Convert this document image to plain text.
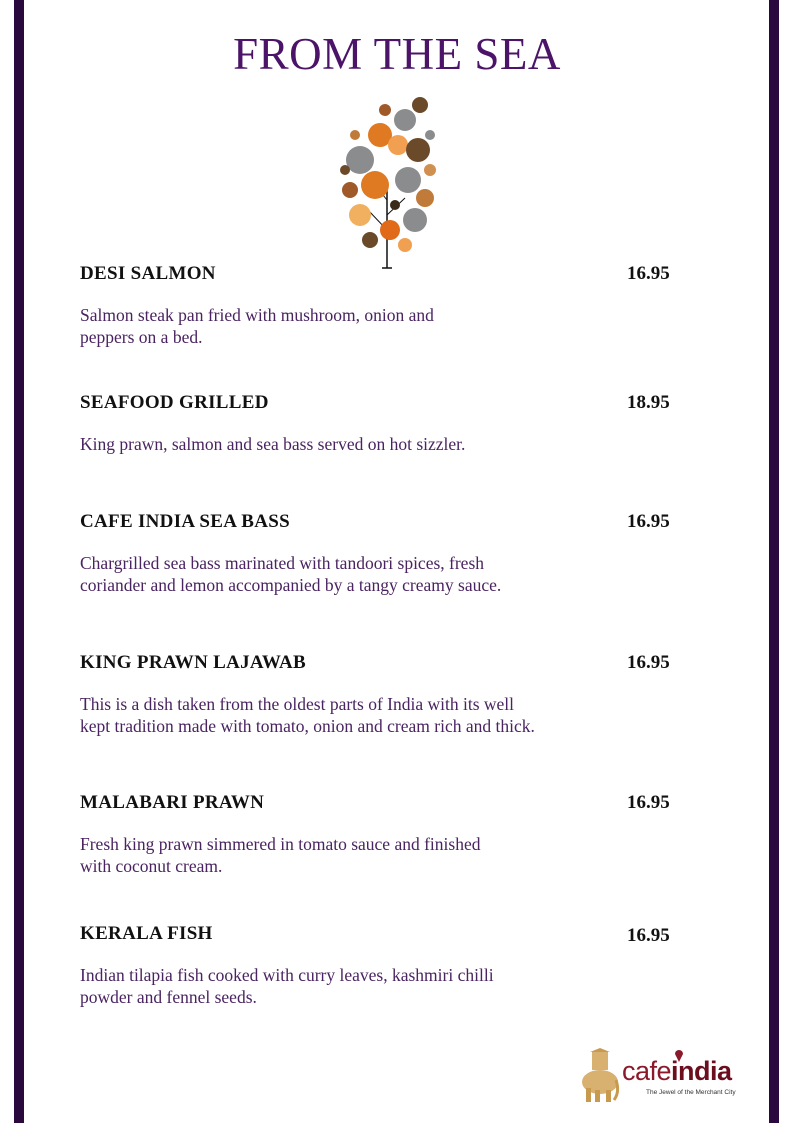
FROM THE SEA
DESI SALMON	16.95
Salmon steak pan fried with mushroom, onion and peppers on a bed.
SEAFOOD GRILLED	18.95
King prawn, salmon and sea bass served on hot sizzler.
CAFE INDIA SEA BASS	16.95
Chargrilled sea bass marinated with tandoori spices, fresh coriander and lemon accompanied by a tangy creamy sauce.
KING PRAWN LAJAWAB	16.95
This is a dish taken from the oldest parts of India with its well kept tradition made with tomato, onion and cream rich and thick.
MALABARI PRAWN	16.95
Fresh king prawn simmered in tomato sauce and finished with coconut cream.
KERALA FISH	16.95
Indian tilapia fish cooked with curry leaves, kashmiri chilli powder and fennel seeds.
cafeindia
The Jewel of the Merchant City
